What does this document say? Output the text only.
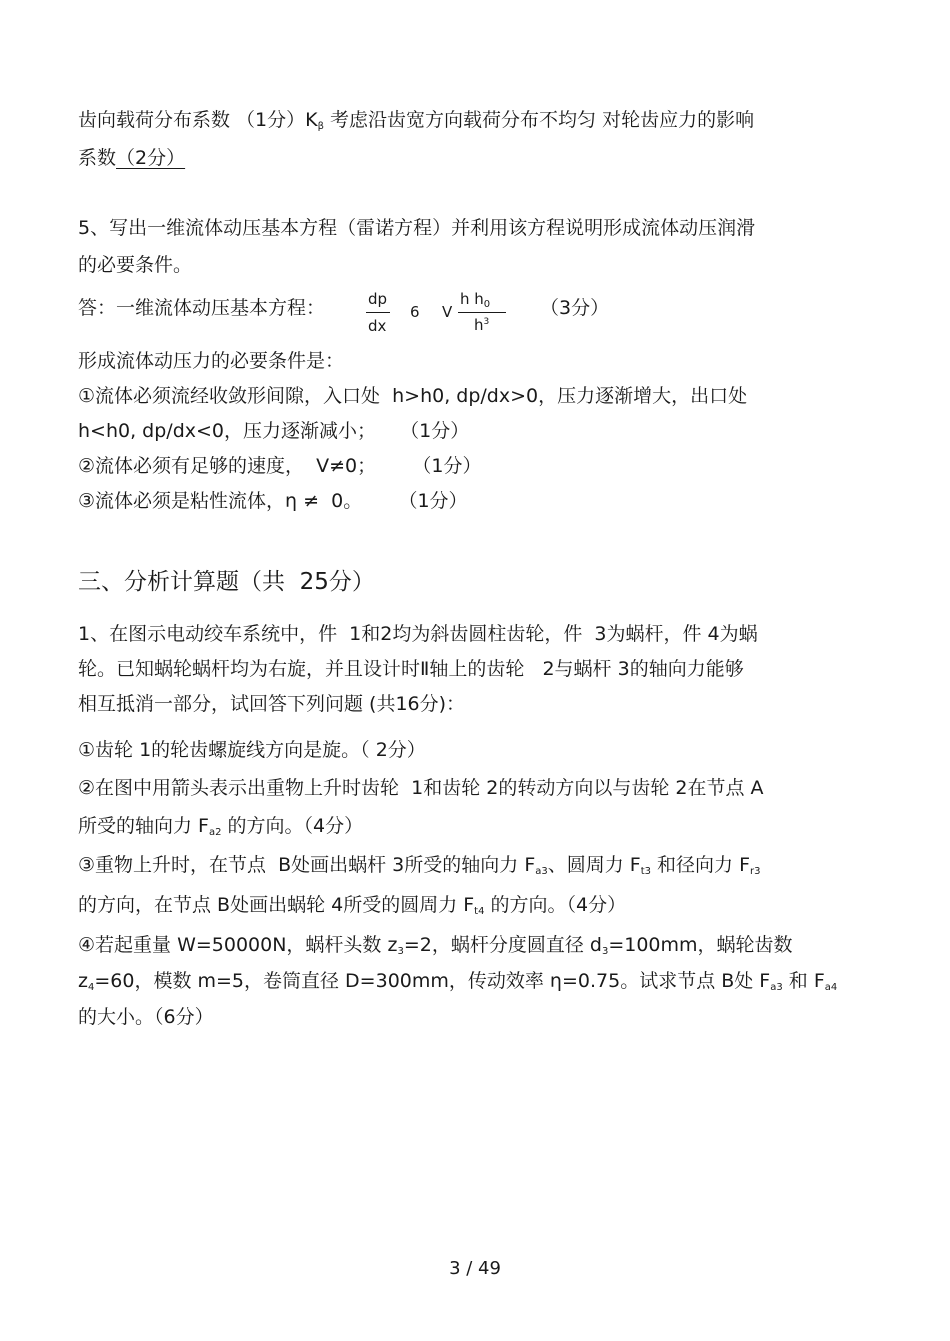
齿向载荷分布系数 （1分）$K_\beta$ 考虑沿齿宽方向载荷分布不均匀 对轮齿应力的影响
系数（2分）
5、写出一维流体动压基本方程（雷诺方程）并利用该方程说明形成流体动压润滑
的必要条件。
答：一维流体动压基本方程：	dp
dx
6 V
h $h_0$
$h^3$
（3分）
形成流体动压力的必要条件是：
①流体必须流经收敛形间隙，入口处  h>h0, dp/dx>0，压力逐渐增大，出口处
h<h0, dp/dx<0，压力逐渐减小；    （1分）
②流体必须有足够的速度，  V≠0；      （1分）
③流体必须是粘性流体，η ≠  0。      （1分）
三、分析计算题（共  25分）
1、在图示电动绞车系统中，件  1和2均为斜齿圆柱齿轮，件  3为蜗杆，件 4为蜗
轮。已知蜗轮蜗杆均为右旋，并且设计时Ⅱ轴上的齿轮   2与蜗杆 3的轴向力能够
相互抵消一部分，试回答下列问题 (共16分)：
①齿轮 1的轮齿螺旋线方向是旋。（ 2分）
②在图中用箭头表示出重物上升时齿轮  1和齿轮 2的转动方向以与齿轮 2在节点 A
所受的轴向力 $F_{a2}$ 的方向。（4分）
③重物上升时，在节点  B处画出蜗杆 3所受的轴向力 $F_{a3}$、圆周力 $F_{t3}$ 和径向力 $F_{r3}$
的方向，在节点 B处画出蜗轮 4所受的圆周力 $F_{t4}$ 的方向。（4分）
④若起重量 W=50000N，蜗杆头数 $z_3=2$，蜗杆分度圆直径 $d_3=100mm$，蜗轮齿数
$z_4=60$，模数 m=5，卷筒直径 D=300mm，传动效率 η=0.75。试求节点 B处 $F_{a3}$ 和 $F_{a4}$
的大小。（6分）
3 / 49
